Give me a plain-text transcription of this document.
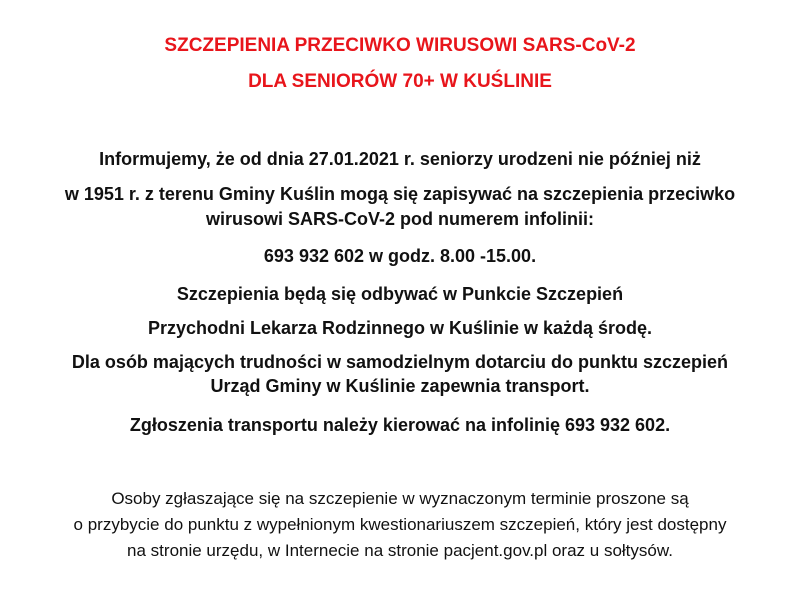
SZCZEPIENIA PRZECIWKO WIRUSOWI SARS-CoV-2
DLA SENIORÓW 70+ W KUŚLINIE
Informujemy, że od dnia 27.01.2021 r. seniorzy urodzeni nie później niż
w 1951 r. z terenu Gminy Kuślin mogą się zapisywać na szczepienia przeciwko
wirusowi SARS-CoV-2 pod numerem infolinii:
693 932 602 w godz. 8.00 -15.00.
Szczepienia będą się odbywać w Punkcie Szczepień
Przychodni Lekarza Rodzinnego w Kuślinie w każdą środę.
Dla osób mających trudności w samodzielnym dotarciu do punktu szczepień
Urząd Gminy w Kuślinie zapewnia transport.
Zgłoszenia transportu należy kierować na infolinię 693 932 602.
Osoby zgłaszające się na szczepienie w wyznaczonym terminie proszone są
o przybycie do punktu z wypełnionym kwestionariuszem szczepień, który jest dostępny
na stronie urzędu, w Internecie na stronie pacjent.gov.pl oraz u sołtysów.
